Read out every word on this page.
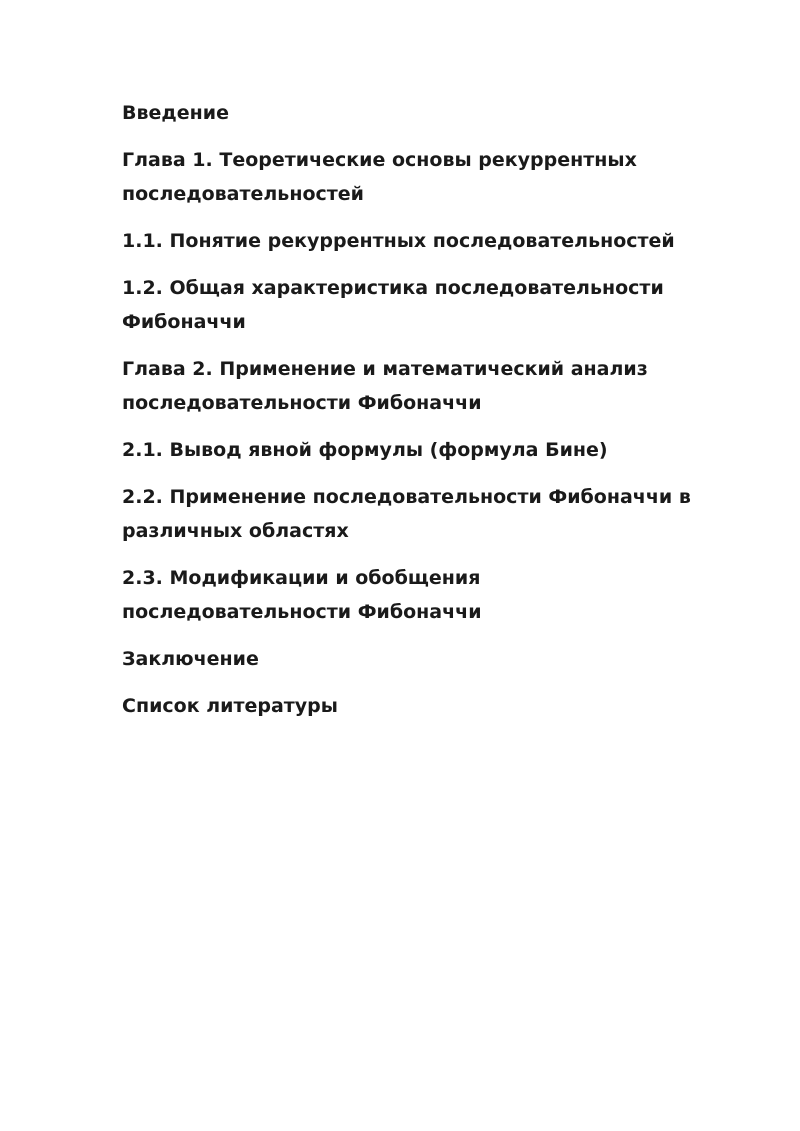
Введение
Глава 1. Теоретические основы рекуррентных
последовательностей
1.1. Понятие рекуррентных последовательностей
1.2. Общая характеристика последовательности
Фибоначчи
Глава 2. Применение и математический анализ
последовательности Фибоначчи
2.1. Вывод явной формулы (формула Бине)
2.2. Применение последовательности Фибоначчи в
различных областях
2.3. Модификации и обобщения
последовательности Фибоначчи
Заключение
Список литературы
